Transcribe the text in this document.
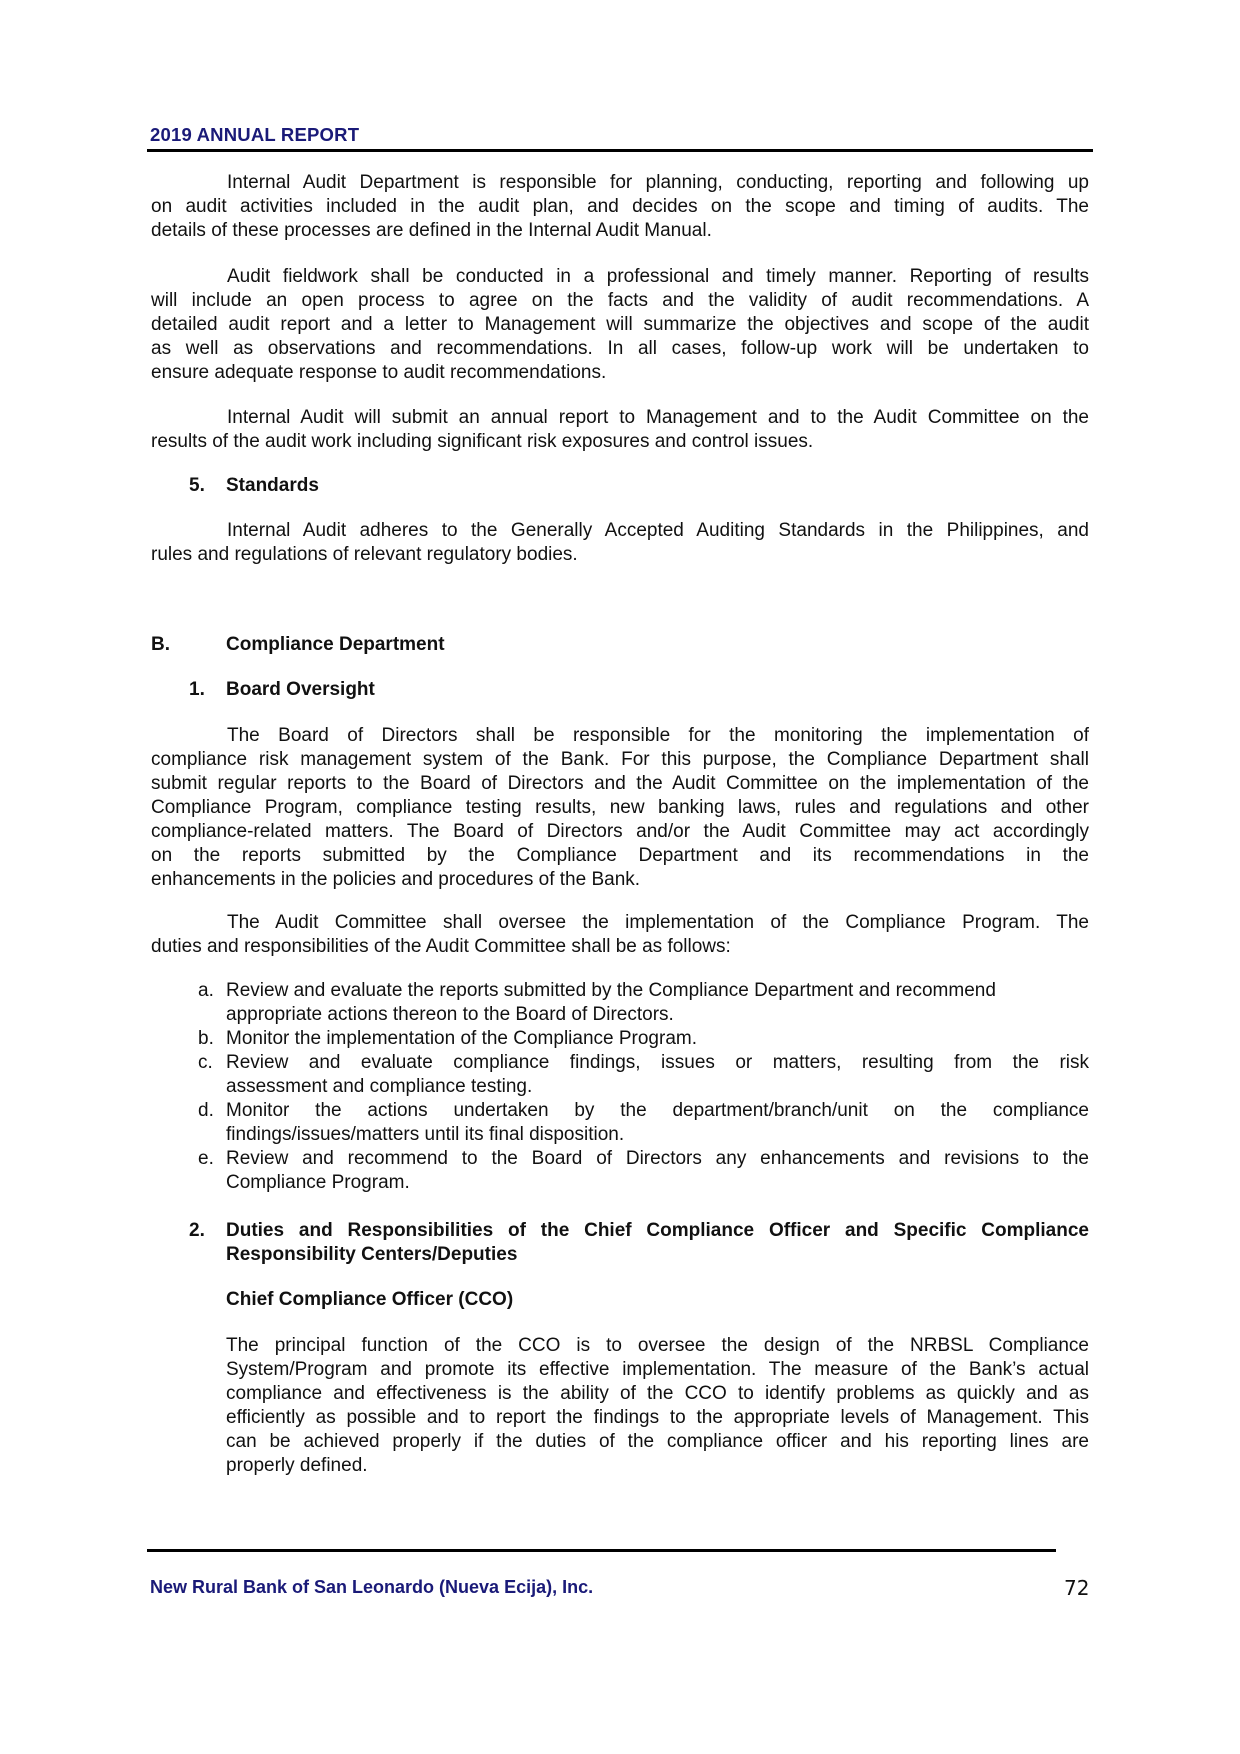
2019 ANNUAL REPORT
Internal Audit Department is responsible for planning, conducting, reporting and following up
on audit activities included in the audit plan, and decides on the scope and timing of audits. The
details of these processes are defined in the Internal Audit Manual.
Audit fieldwork shall be conducted in a professional and timely manner. Reporting of results
will include an open process to agree on the facts and the validity of audit recommendations. A
detailed audit report and a letter to Management will summarize the objectives and scope of the audit
as well as observations and recommendations. In all cases, follow-up work will be undertaken to
ensure adequate response to audit recommendations.
Internal Audit will submit an annual report to Management and to the Audit Committee on the
results of the audit work including significant risk exposures and control issues.
5. Standards
Internal Audit adheres to the Generally Accepted Auditing Standards in the Philippines, and
rules and regulations of relevant regulatory bodies.
B.	Compliance Department
1. Board Oversight
The Board of Directors shall be responsible for the monitoring the implementation of
compliance risk management system of the Bank. For this purpose, the Compliance Department shall
submit regular reports to the Board of Directors and the Audit Committee on the implementation of the
Compliance Program, compliance testing results, new banking laws, rules and regulations and other
compliance-related matters. The Board of Directors and/or the Audit Committee may act accordingly
on the reports submitted by the Compliance Department and its recommendations in the
enhancements in the policies and procedures of the Bank.
The Audit Committee shall oversee the implementation of the Compliance Program. The
duties and responsibilities of the Audit Committee shall be as follows:
a. Review and evaluate the reports submitted by the Compliance Department and recommend
appropriate actions thereon to the Board of Directors.
b. Monitor the implementation of the Compliance Program.
c. Review and evaluate compliance findings, issues or matters, resulting from the risk
assessment and compliance testing.
d. Monitor the actions undertaken by the department/branch/unit on the compliance
findings/issues/matters until its final disposition.
e. Review and recommend to the Board of Directors any enhancements and revisions to the
Compliance Program.
2. Duties and Responsibilities of the Chief Compliance Officer and Specific Compliance
Responsibility Centers/Deputies
Chief Compliance Officer (CCO)
The principal function of the CCO is to oversee the design of the NRBSL Compliance
System/Program and promote its effective implementation. The measure of the Bank’s actual
compliance and effectiveness is the ability of the CCO to identify problems as quickly and as
efficiently as possible and to report the findings to the appropriate levels of Management. This
can be achieved properly if the duties of the compliance officer and his reporting lines are
properly defined.
New Rural Bank of San Leonardo (Nueva Ecija), Inc.	72
